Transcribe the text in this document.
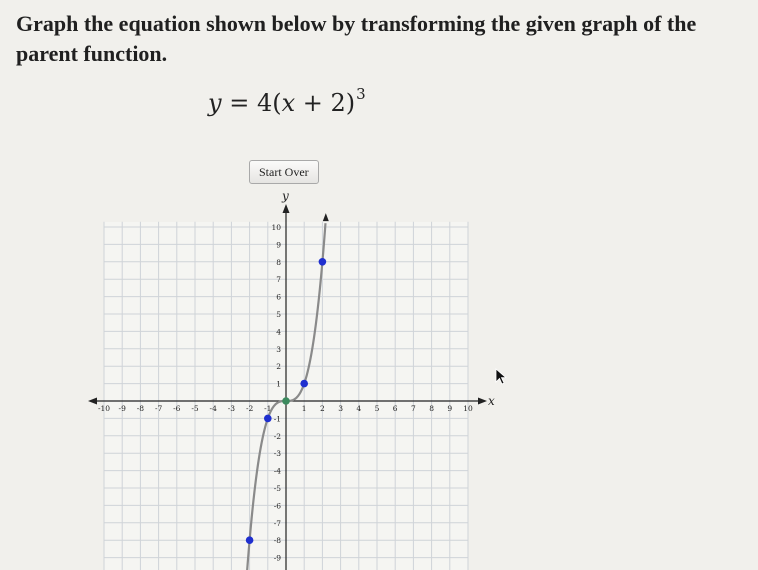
Graph the equation shown below by transforming the given graph of the parent function.

$y = 4(x + 2)^3$
Start Over
-10 -9 -8 -7 -6 -5 -4 -3 -2 -1	1 2 3 4 5 6 7 8 9 10
10
9
8
7
6
5
4
3
2
1
-1
-2
-3
-4
-5
-6
-7
-8
-9
x
y
